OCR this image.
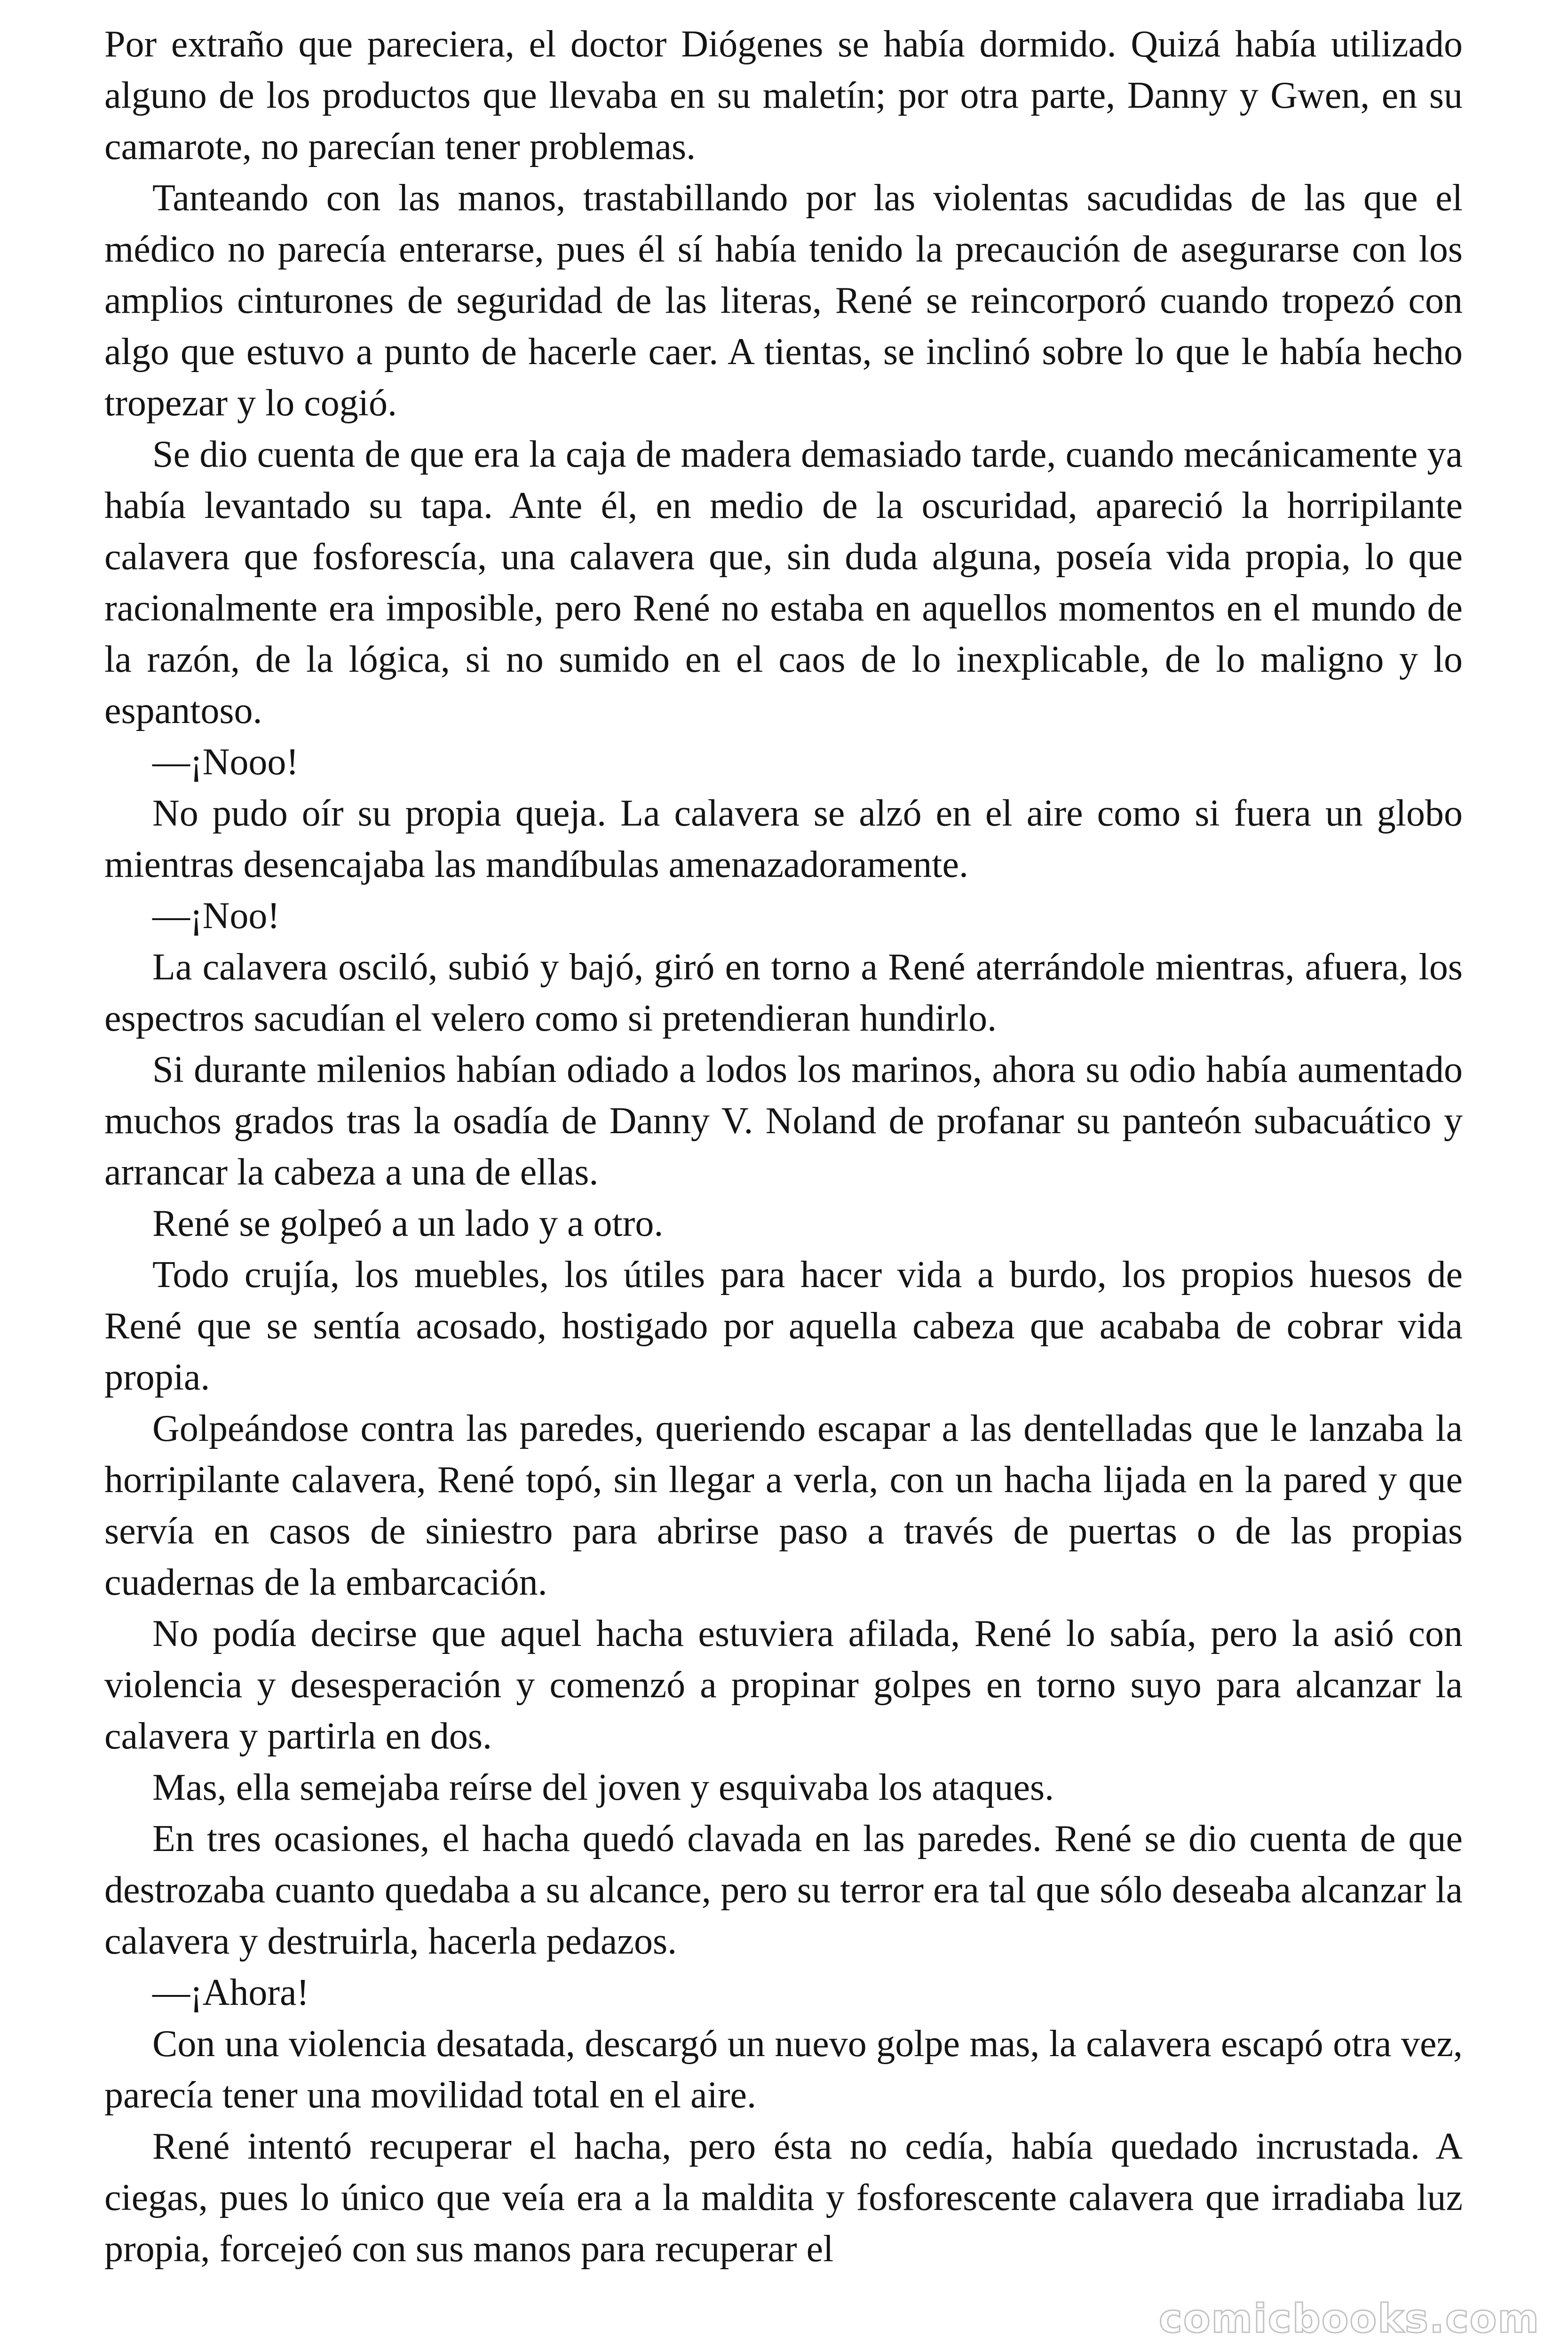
Por extraño que pareciera, el doctor Diógenes se había dormido. Quizá había utilizado alguno de los productos que llevaba en su maletín; por otra parte, Danny y Gwen, en su camarote, no parecían tener problemas.

Tanteando con las manos, trastabillando por las violentas sacudidas de las que el médico no parecía enterarse, pues él sí había tenido la precaución de asegurarse con los amplios cinturones de seguridad de las literas, René se reincorporó cuando tropezó con algo que estuvo a punto de hacerle caer. A tientas, se inclinó sobre lo que le había hecho tropezar y lo cogió.

Se dio cuenta de que era la caja de madera demasiado tarde, cuando mecánicamente ya había levantado su tapa. Ante él, en medio de la oscuridad, apareció la horripilante calavera que fosforescía, una calavera que, sin duda alguna, poseía vida propia, lo que racionalmente era imposible, pero René no estaba en aquellos momentos en el mundo de la razón, de la lógica, si no sumido en el caos de lo inexplicable, de lo maligno y lo espantoso.

—¡Nooo!

No pudo oír su propia queja. La calavera se alzó en el aire como si fuera un globo mientras desencajaba las mandíbulas amenazadoramente.

—¡Noo!

La calavera osciló, subió y bajó, giró en torno a René aterrándole mientras, afuera, los espectros sacudían el velero como si pretendieran hundirlo.

Si durante milenios habían odiado a lodos los marinos, ahora su odio había aumentado muchos grados tras la osadía de Danny V. Noland de profanar su panteón subacuático y arrancar la cabeza a una de ellas.

René se golpeó a un lado y a otro.

Todo crujía, los muebles, los útiles para hacer vida a burdo, los propios huesos de René que se sentía acosado, hostigado por aquella cabeza que acababa de cobrar vida propia.

Golpeándose contra las paredes, queriendo escapar a las dentelladas que le lanzaba la horripilante calavera, René topó, sin llegar a verla, con un hacha lijada en la pared y que servía en casos de siniestro para abrirse paso a través de puertas o de las propias cuadernas de la embarcación.

No podía decirse que aquel hacha estuviera afilada, René lo sabía, pero la asió con violencia y desesperación y comenzó a propinar golpes en torno suyo para alcanzar la calavera y partirla en dos.

Mas, ella semejaba reírse del joven y esquivaba los ataques.

En tres ocasiones, el hacha quedó clavada en las paredes. René se dio cuenta de que destrozaba cuanto quedaba a su alcance, pero su terror era tal que sólo deseaba alcanzar la calavera y destruirla, hacerla pedazos.

—¡Ahora!

Con una violencia desatada, descargó un nuevo golpe mas, la calavera escapó otra vez, parecía tener una movilidad total en el aire.

René intentó recuperar el hacha, pero ésta no cedía, había quedado incrustada. A ciegas, pues lo único que veía era a la maldita y fosforescente calavera que irradiaba luz propia, forcejeó con sus manos para recuperar el

comicbooks.com
